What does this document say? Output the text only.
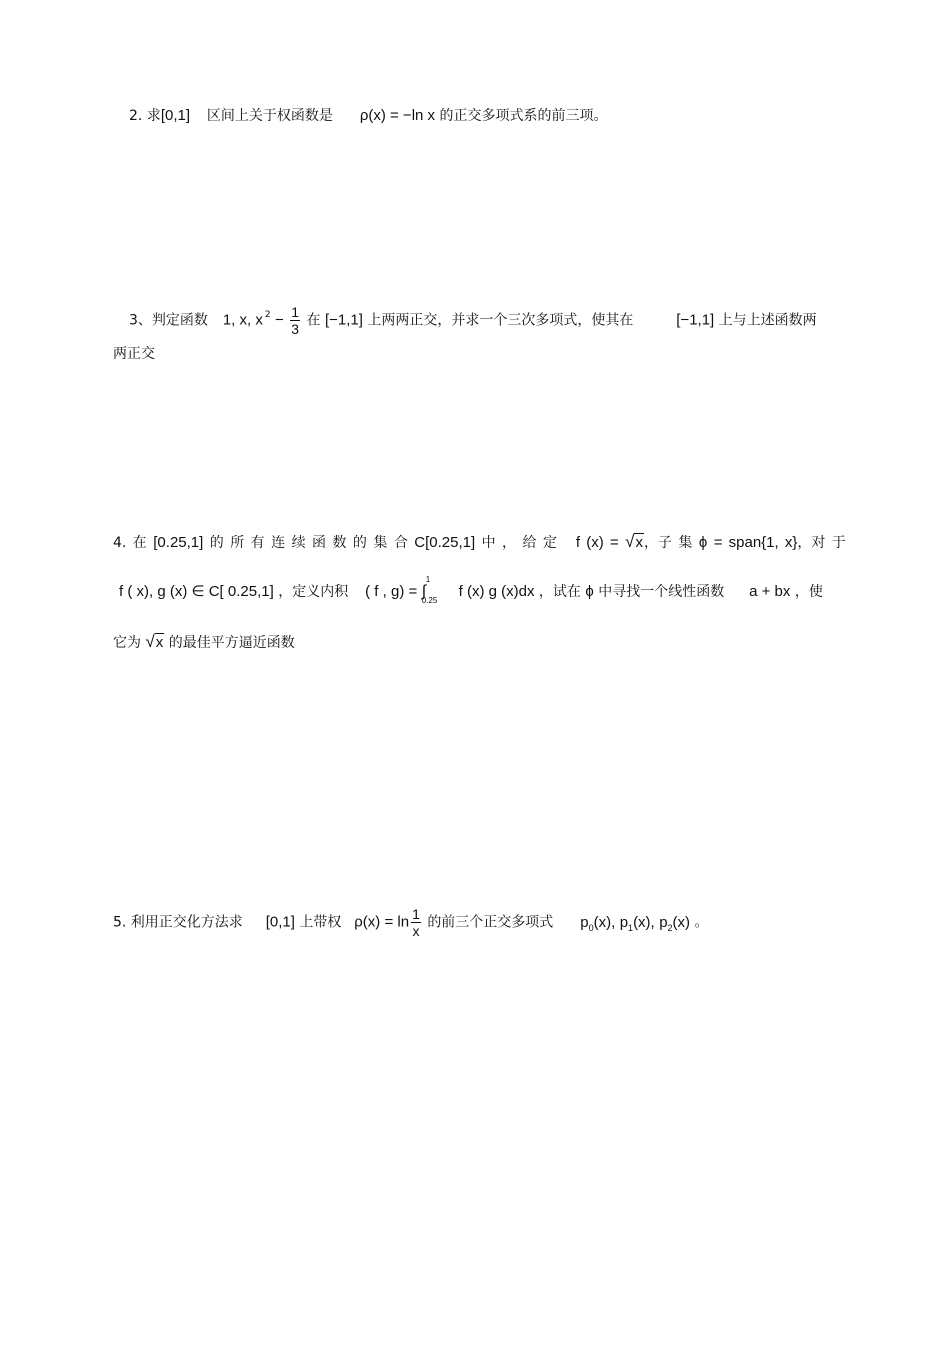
2. 求[0,1] 区间上关于权函数是 ρ(x) = −ln x 的正交多项式系的前三项。
3、判定函数 1, x, x $^2 - \frac{1}{3}$ 在 [−1,1] 上两两正交，并求一个三次多项式，使其在	[−1,1] 上与上述函数两
两正交
4. 在 [0.25,1] 的 所 有 连 续 函 数 的 集 合 C[0.25,1] 中 ， 给 定 f (x) = √x，子 集 ϕ = span{1, x}，对 于
f ( x), g (x) ∈ C[ 0.25,1] ，定义内积 ( f , g) = ∫
1
0.25
f (x) g (x)dx ，试在 ϕ 中寻找一个线性函数 a + bx ，使
它为 √x 的最佳平方逼近函数
5. 利用正交化方法求 [0,1] 上带权 $\rho(x) = \ln \frac{1}{x}$ 的前三个正交多项式 $p_0(x)$, $p_1(x)$, $p_2(x)$ 。
